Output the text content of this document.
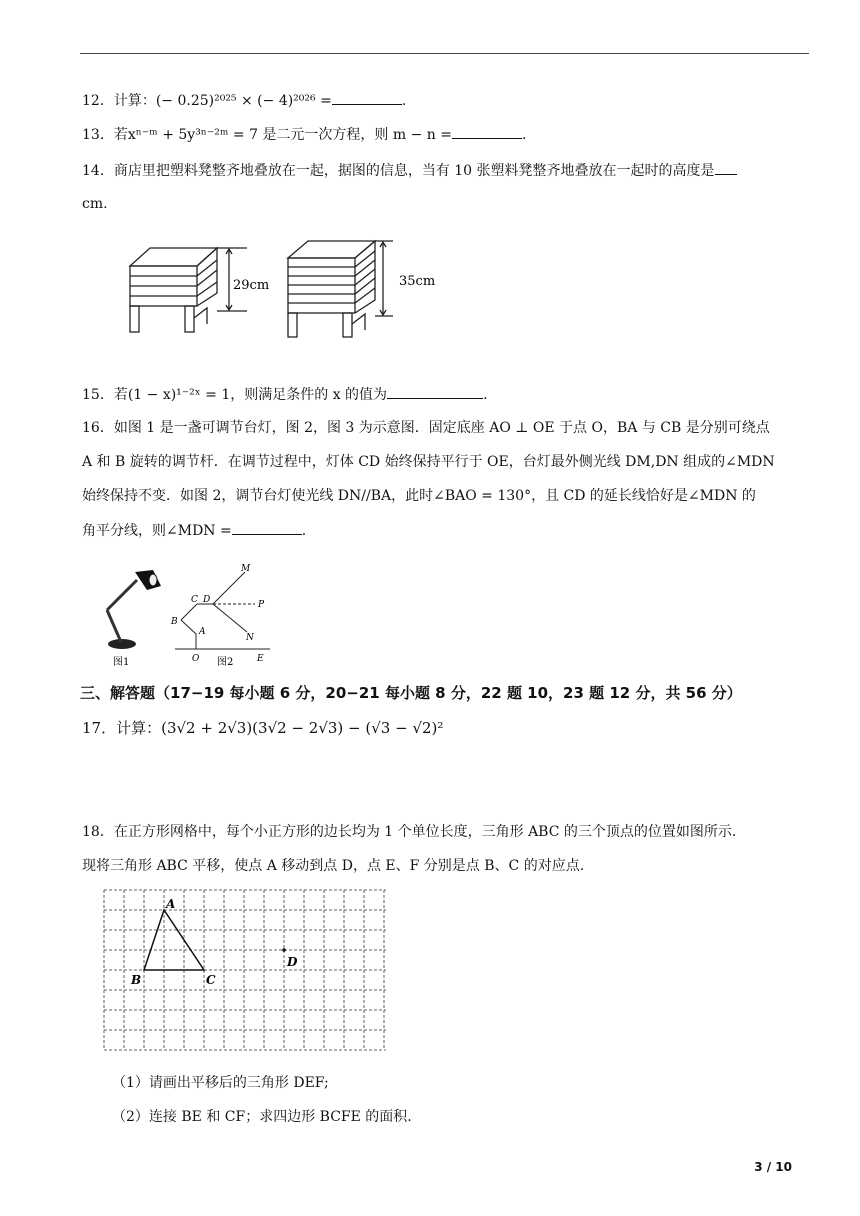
12．计算：(− 0.25)²⁰²⁵ × (− 4)²⁰²⁶ =	.
13．若xⁿ⁻ᵐ + 5y³ⁿ⁻²ᵐ = 7 是二元一次方程，则 m − n =	.
14．商店里把塑料凳整齐地叠放在一起，据图的信息，当有 10 张塑料凳整齐地叠放在一起时的高度是
cm.
29cm	35cm
15．若(1 − x)¹⁻²ˣ = 1，则满足条件的 x 的值为	.
16．如图 1 是一盏可调节台灯，图 2，图 3 为示意图．固定底座 AO ⊥ OE 于点 O，BA 与 CB 是分别可绕点
A 和 B 旋转的调节杆．在调节过程中，灯体 CD 始终保持平行于 OE，台灯最外侧光线 DM,DN 组成的∠MDN
始终保持不变．如图 2，调节台灯使光线 DN//BA，此时∠BAO = 130°，且 CD 的延长线恰好是∠MDN 的
角平分线，则∠MDN =	.
图1
M
C D	P
B
A
N
O	E
图2
三、解答题（17−19 每小题 6 分，20−21 每小题 8 分，22 题 10，23 题 12 分，共 56 分）
17．计算：(3√2 + 2√3)(3√2 − 2√3) − (√3 − √2)²
18．在正方形网格中，每个小正方形的边长均为 1 个单位长度，三角形 ABC 的三个顶点的位置如图所示.
现将三角形 ABC 平移，使点 A 移动到点 D，点 E、F 分别是点 B、C 的对应点.
A
B	C
D
（1）请画出平移后的三角形 DEF;
（2）连接 BE 和 CF；求四边形 BCFE 的面积.
3 / 10
